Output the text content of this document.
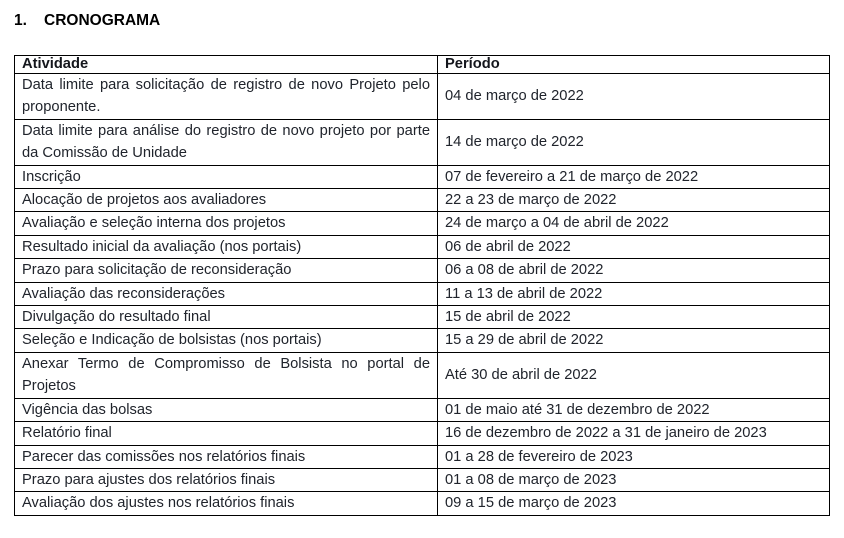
1. CRONOGRAMA
Atividade	Período
Data limite para solicitação de registro de novo Projeto pelo proponente.	04 de março de 2022
Data limite para análise do registro de novo projeto por parte da Comissão de Unidade	14 de março de 2022
Inscrição	07 de fevereiro a 21 de março de 2022
Alocação de projetos aos avaliadores	22 a 23 de março de 2022
Avaliação e seleção interna dos projetos	24 de março a 04 de abril de 2022
Resultado inicial da avaliação (nos portais)	06 de abril de 2022
Prazo para solicitação de reconsideração	06 a 08 de abril de 2022
Avaliação das reconsiderações	11 a 13 de abril de 2022
Divulgação do resultado final	15 de abril de 2022
Seleção e Indicação de bolsistas (nos portais)	15 a 29 de abril de 2022
Anexar Termo de Compromisso de Bolsista no portal de Projetos	Até 30 de abril de 2022
Vigência das bolsas	01 de maio até 31 de dezembro de 2022
Relatório final	16 de dezembro de 2022 a 31 de janeiro de 2023
Parecer das comissões nos relatórios finais	01 a 28 de fevereiro de 2023
Prazo para ajustes dos relatórios finais	01 a 08 de março de 2023
Avaliação dos ajustes nos relatórios finais	09 a 15 de março de 2023
